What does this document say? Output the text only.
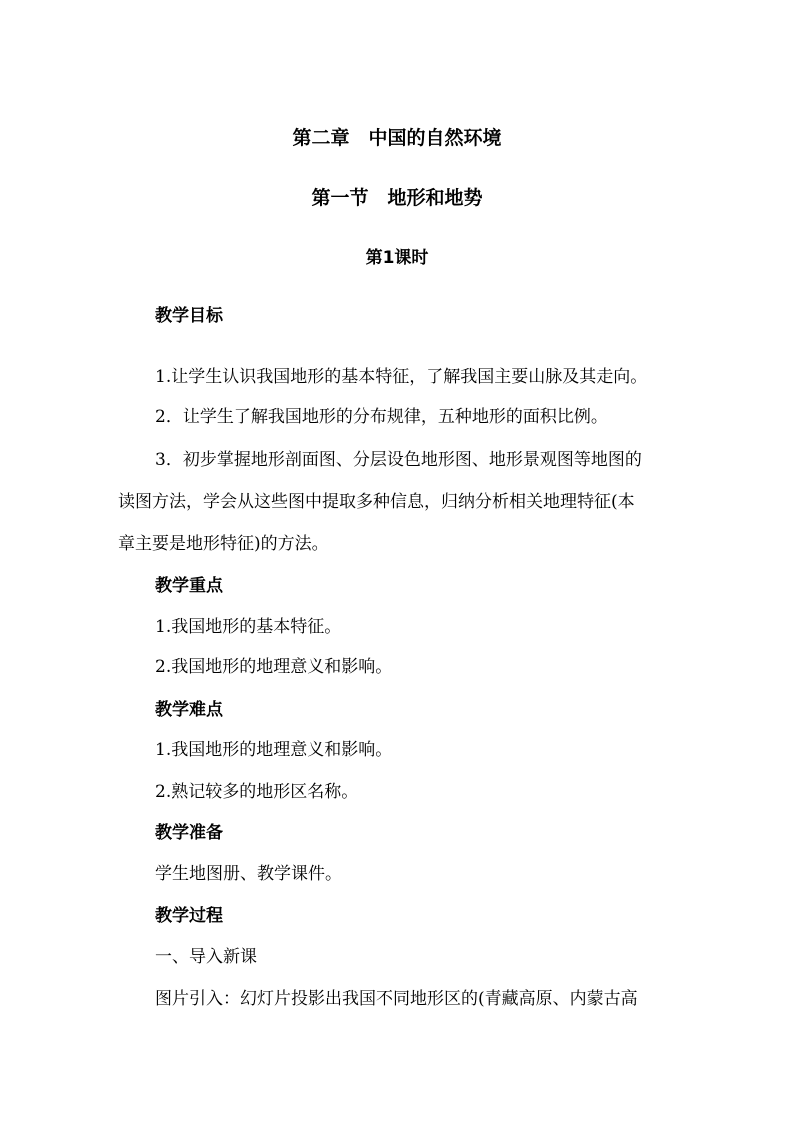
第二章　中国的自然环境
第一节　地形和地势
第1课时
教学目标
1.让学生认识我国地形的基本特征，了解我国主要山脉及其走向。
2．让学生了解我国地形的分布规律，五种地形的面积比例。
3．初步掌握地形剖面图、分层设色地形图、地形景观图等地图的
读图方法，学会从这些图中提取多种信息，归纳分析相关地理特征(本
章主要是地形特征)的方法。
教学重点
1.我国地形的基本特征。
2.我国地形的地理意义和影响。
教学难点
1.我国地形的地理意义和影响。
2.熟记较多的地形区名称。
教学准备
学生地图册、教学课件。
教学过程
一、导入新课
图片引入：幻灯片投影出我国不同地形区的(青藏高原、内蒙古高
